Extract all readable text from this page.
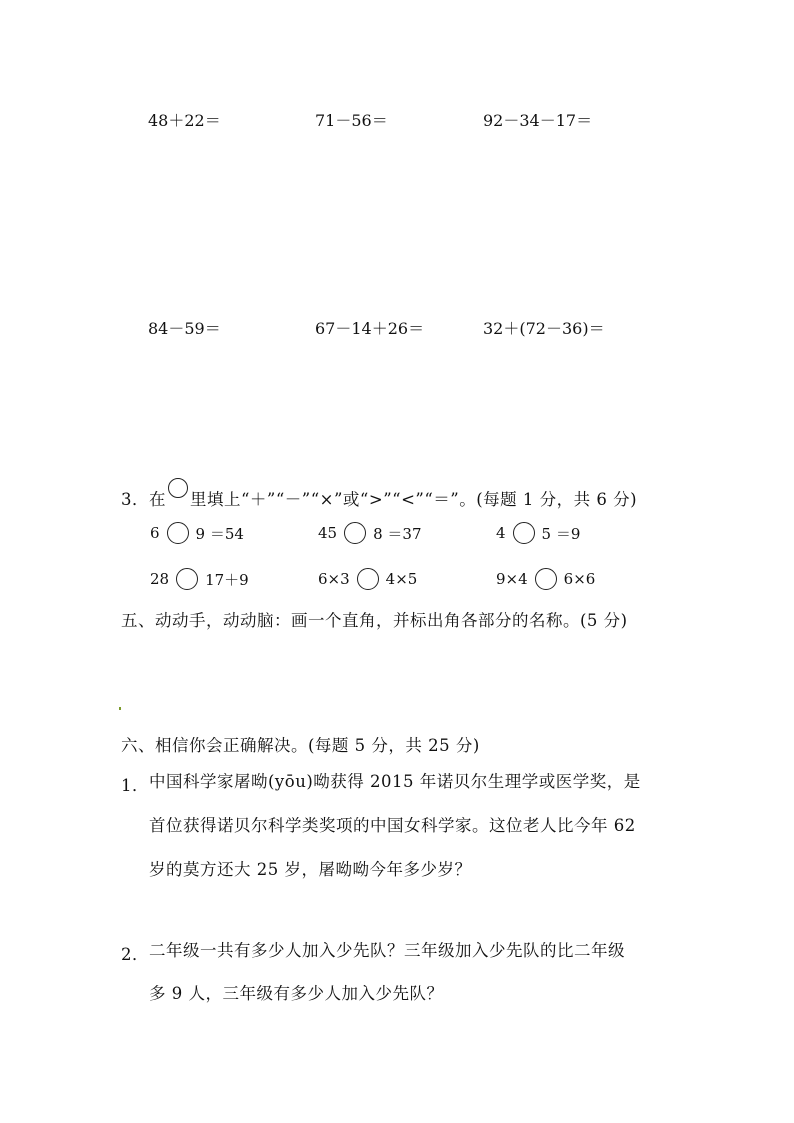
48＋22＝	71－56＝	92－34－17＝
84－59＝	67－14＋26＝	32＋(72－36)＝
3．在 里填上“＋”“－”“×”或“>”“<”“＝”。(每题 1 分，共 6 分)
6 9 ＝54	45 8 ＝37	4 5 ＝9
28 17＋9	6×3 4×5	9×4 6×6
五、动动手，动动脑：画一个直角，并标出角各部分的名称。(5 分)
六、相信你会正确解决。(每题 5 分，共 25 分)
1． 中国科学家屠呦(yōu)呦获得 2015 年诺贝尔生理学或医学奖，是
首位获得诺贝尔科学类奖项的中国女科学家。这位老人比今年 62
岁的莫方还大 25 岁，屠呦呦今年多少岁？
2． 二年级一共有多少人加入少先队？三年级加入少先队的比二年级
多 9 人，三年级有多少人加入少先队？
